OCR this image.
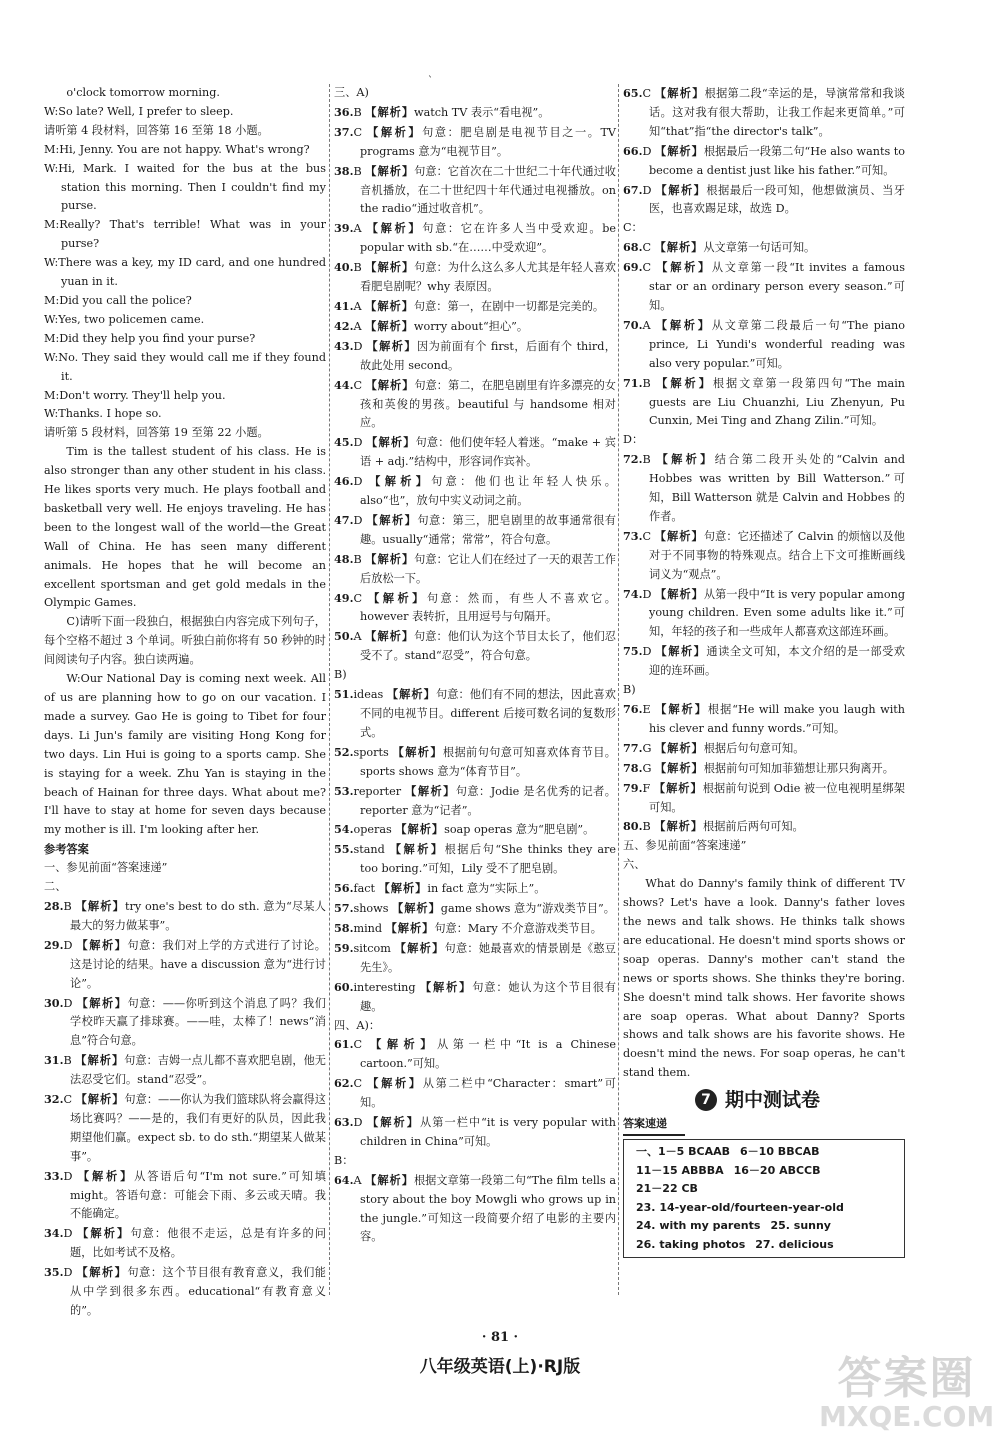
ˋ

o'clock tomorrow morning.

W:So late? Well, I prefer to sleep.

请听第 4 段材料，回答第 16 至第 18 小题。

M:Hi, Jenny. You are not happy. What's wrong?

W:Hi, Mark. I waited for the bus at the bus station this morning. Then I couldn't find my purse.

M:Really? That's terrible! What was in your purse?

W:There was a key, my ID card, and one hundred yuan in it.

M:Did you call the police?

W:Yes, two policemen came.

M:Did they help you find your purse?

W:No. They said they would call me if they found it.

M:Don't worry. They'll help you.

W:Thanks. I hope so.

请听第 5 段材料，回答第 19 至第 22 小题。

Tim is the tallest student of his class. He is also stronger than any other student in his class. He likes sports very much. He plays football and basketball very well. He enjoys traveling. He has been to the longest wall of the world—the Great Wall of China. He has seen many different animals. He hopes that he will become an excellent sportsman and get gold medals in the Olympic Games.

C)请听下面一段独白，根据独白内容完成下列句子，每个空格不超过 3 个单词。听独白前你将有 50 秒钟的时间阅读句子内容。独白读两遍。

W:Our National Day is coming next week. All of us are planning how to go on our vacation. I made a survey. Gao He is going to Tibet for four days. Li Jun's family are visiting Hong Kong for two days. Lin Hui is going to a sports camp. She is staying for a week. Zhu Yan is staying in the beach of Hainan for three days. What about me? I'll have to stay at home for seven days because my mother is ill. I'm looking after her.

参考答案

一、参见前面“答案速递”

二、

28.B 【解析】try one's best to do sth. 意为“尽某人最大的努力做某事”。

29.D 【解析】句意：我们对上学的方式进行了讨论。这是讨论的结果。have a discussion 意为“进行讨论”。

30.D 【解析】句意：——你听到这个消息了吗？我们学校昨天赢了排球赛。——哇，太棒了！news“消息”符合句意。

31.B 【解析】句意：吉姆一点儿都不喜欢肥皂剧，他无法忍受它们。stand“忍受”。

32.C 【解析】句意：——你认为我们篮球队将会赢得这场比赛吗？——是的，我们有更好的队员，因此我期望他们赢。expect sb. to do sth.“期望某人做某事”。

33.D 【解析】从答语后句“I'm not sure.”可知填 might。答语句意：可能会下雨、多云或天晴。我不能确定。

34.D 【解析】句意：他很不走运，总是有许多的问题，比如考试不及格。

35.D 【解析】句意：这个节目很有教育意义，我们能从中学到很多东西。educational“有教育意义的”。

三、A)

36.B 【解析】watch TV 表示“看电视”。

37.C 【解析】句意：肥皂剧是电视节目之一。TV programs 意为“电视节目”。

38.B 【解析】句意：它首次在二十世纪二十年代通过收音机播放，在二十世纪四十年代通过电视播放。on the radio“通过收音机”。

39.A 【解析】句意：它在许多人当中受欢迎。be popular with sb.“在……中受欢迎”。

40.B 【解析】句意：为什么这么多人尤其是年轻人喜欢看肥皂剧呢？why 表原因。

41.A 【解析】句意：第一，在剧中一切都是完美的。

42.A 【解析】worry about“担心”。

43.D 【解析】因为前面有个 first，后面有个 third，故此处用 second。

44.C 【解析】句意：第二，在肥皂剧里有许多漂亮的女孩和英俊的男孩。beautiful 与 handsome 相对应。

45.D 【解析】句意：他们使年轻人着迷。“make + 宾语 + adj.”结构中，形容词作宾补。

46.D 【解析】句意：他们也让年轻人快乐。also“也”，放句中实义动词之前。

47.D 【解析】句意：第三，肥皂剧里的故事通常很有趣。usually“通常；常常”，符合句意。

48.B 【解析】句意：它让人们在经过了一天的艰苦工作后放松一下。

49.C 【解析】句意：然而，有些人不喜欢它。however 表转折，且用逗号与句隔开。

50.A 【解析】句意：他们认为这个节目太长了，他们忍受不了。stand“忍受”，符合句意。

B)

51.ideas 【解析】句意：他们有不同的想法，因此喜欢不同的电视节目。different 后接可数名词的复数形式。

52.sports 【解析】根据前句句意可知喜欢体育节目。sports shows 意为“体育节目”。

53.reporter 【解析】句意：Jodie 是名优秀的记者。reporter 意为“记者”。

54.operas 【解析】soap operas 意为“肥皂剧”。

55.stand 【解析】根据后句“She thinks they are too boring.”可知，Lily 受不了肥皂剧。

56.fact 【解析】in fact 意为“实际上”。

57.shows 【解析】game shows 意为“游戏类节目”。

58.mind 【解析】句意：Mary 不介意游戏类节目。

59.sitcom 【解析】句意：她最喜欢的情景剧是《憨豆先生》。

60.interesting 【解析】句意：她认为这个节目很有趣。

四、A)：

61.C 【解析】从第一栏中“It is a Chinese cartoon.”可知。

62.C 【解析】从第二栏中“Character：smart”可知。

63.D 【解析】从第一栏中“it is very popular with children in China”可知。

B：

64.A 【解析】根据文章第一段第二句“The film tells a story about the boy Mowgli who grows up in the jungle.”可知这一段简要介绍了电影的主要内容。

65.C 【解析】根据第二段“幸运的是，导演常常和我谈话。这对我有很大帮助，让我工作起来更简单。”可知“that”指“the director's talk”。

66.D 【解析】根据最后一段第二句“He also wants to become a dentist just like his father.”可知。

67.D 【解析】根据最后一段可知，他想做演员、当牙医，也喜欢踢足球，故选 D。

C：

68.C 【解析】从文章第一句话可知。

69.C 【解析】从文章第一段“It invites a famous star or an ordinary person every season.”可知。

70.A 【解析】从文章第二段最后一句“The piano prince, Li Yundi's wonderful reading was also very popular.”可知。

71.B 【解析】根据文章第一段第四句“The main guests are Liu Chuanzhi, Liu Zhenyun, Pu Cunxin, Mei Ting and Zhang Zilin.”可知。

D：

72.B 【解析】结合第二段开头处的“Calvin and Hobbes was written by Bill Watterson.”可知，Bill Watterson 就是 Calvin and Hobbes 的作者。

73.C 【解析】句意：它还描述了 Calvin 的烦恼以及他对于不同事物的特殊观点。结合上下文可推断画线词义为“观点”。

74.D 【解析】从第一段中“It is very popular among young children. Even some adults like it.”可知，年轻的孩子和一些成年人都喜欢这部连环画。

75.D 【解析】通读全文可知，本文介绍的是一部受欢迎的连环画。

B)

76.E 【解析】根据“He will make you laugh with his clever and funny words.”可知。

77.G 【解析】根据后句句意可知。

78.G 【解析】根据前句可知加菲猫想让那只狗离开。

79.F 【解析】根据前句说到 Odie 被一位电视明星绑架可知。

80.B 【解析】根据前后两句可知。

五、参见前面“答案速递”

六、

What do Danny's family think of different TV shows? Let's have a look. Danny's father loves the news and talk shows. He thinks talk shows are educational. He doesn't mind sports shows or soap operas. Danny's mother can't stand the news or sports shows. She thinks they're boring. She doesn't mind talk shows. Her favorite shows are soap operas. What about Danny? Sports shows and talk shows are his favorite shows. He doesn't mind the news. For soap operas, he can't stand them.

7 期中测试卷
答案速递
一、1－5 BCAAB 6－10 BBCAB
11－15 ABBBA 16－20 ABCCB
21－22 CB
23. 14-year-old/fourteen-year-old
24. with my parents 25. sunny
26. taking photos 27. delicious
· 81 ·
八年级英语(上)·RJ版	答案圈
MXQE.COM
